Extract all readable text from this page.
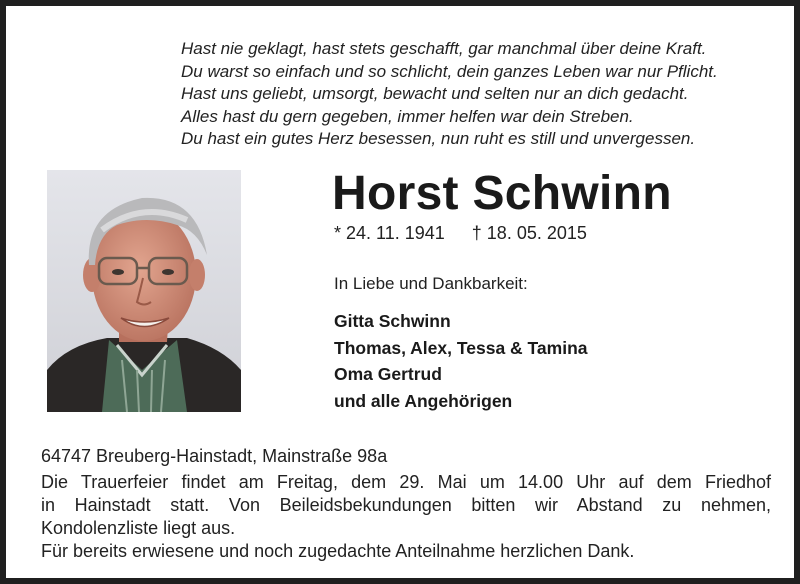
Hast nie geklagt, hast stets geschafft, gar manchmal über deine Kraft.
Du warst so einfach und so schlicht, dein ganzes Leben war nur Pflicht.
Hast uns geliebt, umsorgt, bewacht und selten nur an dich gedacht.
Alles hast du gern gegeben, immer helfen war dein Streben.
Du hast ein gutes Herz besessen, nun ruht es still und unvergessen.
Horst Schwinn
* 24. 11. 1941 † 18. 05. 2015
In Liebe und Dankbarkeit:
Gitta Schwinn
Thomas, Alex, Tessa & Tamina
Oma Gertrud
und alle Angehörigen
64747 Breuberg-Hainstadt, Mainstraße 98a
Die Trauerfeier findet am Freitag, dem 29. Mai um 14.00 Uhr auf dem Friedhof
in Hainstadt statt. Von Beileidsbekundungen bitten wir Abstand zu nehmen,
Kondolenzliste liegt aus.
Für bereits erwiesene und noch zugedachte Anteilnahme herzlichen Dank.
